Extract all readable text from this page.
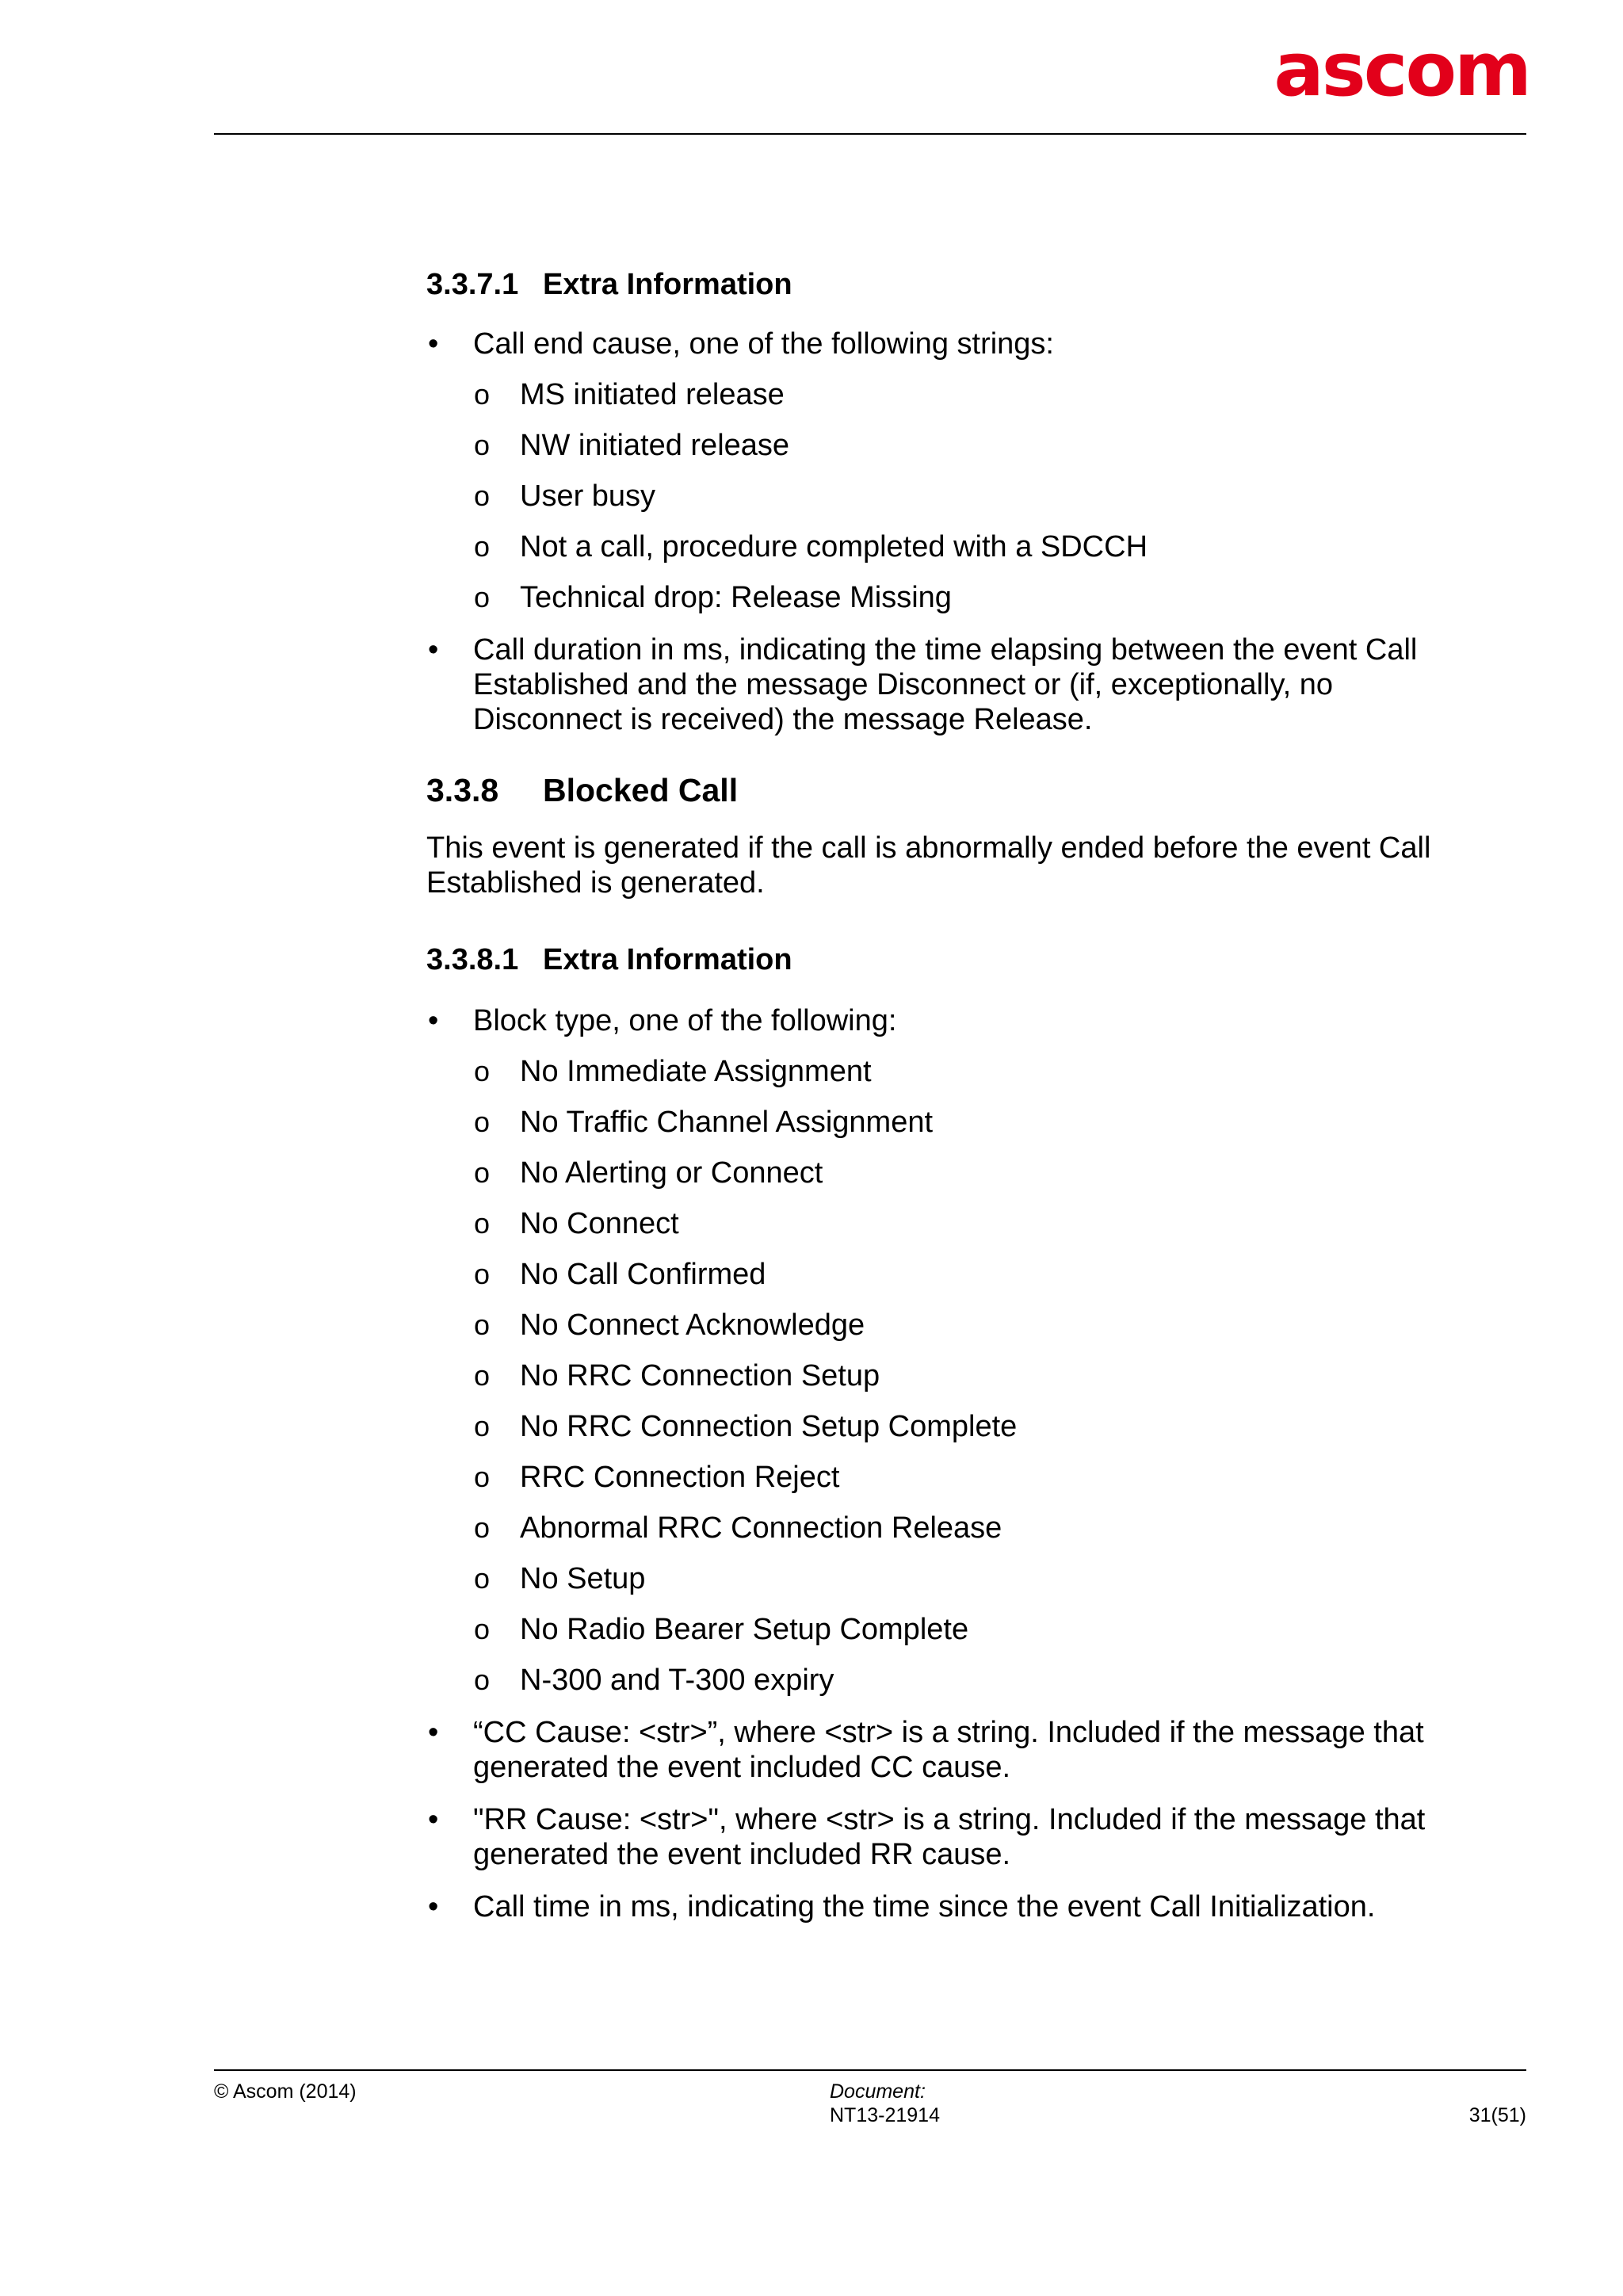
ascom
3.3.7.1 Extra Information
• Call end cause, one of the following strings:
o MS initiated release
o NW initiated release
o User busy
o Not a call, procedure completed with a SDCCH
o Technical drop: Release Missing
• Call duration in ms, indicating the time elapsing between the event Call Established and the message Disconnect or (if, exceptionally, no Disconnect is received) the message Release.
3.3.8 Blocked Call

This event is generated if the call is abnormally ended before the event Call Established is generated.

3.3.8.1 Extra Information
• Block type, one of the following:
o No Immediate Assignment
o No Traffic Channel Assignment
o No Alerting or Connect
o No Connect
o No Call Confirmed
o No Connect Acknowledge
o No RRC Connection Setup
o No RRC Connection Setup Complete
o RRC Connection Reject
o Abnormal RRC Connection Release
o No Setup
o No Radio Bearer Setup Complete
o N-300 and T-300 expiry
• “CC Cause: <str>”, where <str> is a string. Included if the message that generated the event included CC cause.
• "RR Cause: <str>", where <str> is a string. Included if the message that generated the event included RR cause.
• Call time in ms, indicating the time since the event Call Initialization.
© Ascom (2014)	Document:
NT13-21914	31(51)
